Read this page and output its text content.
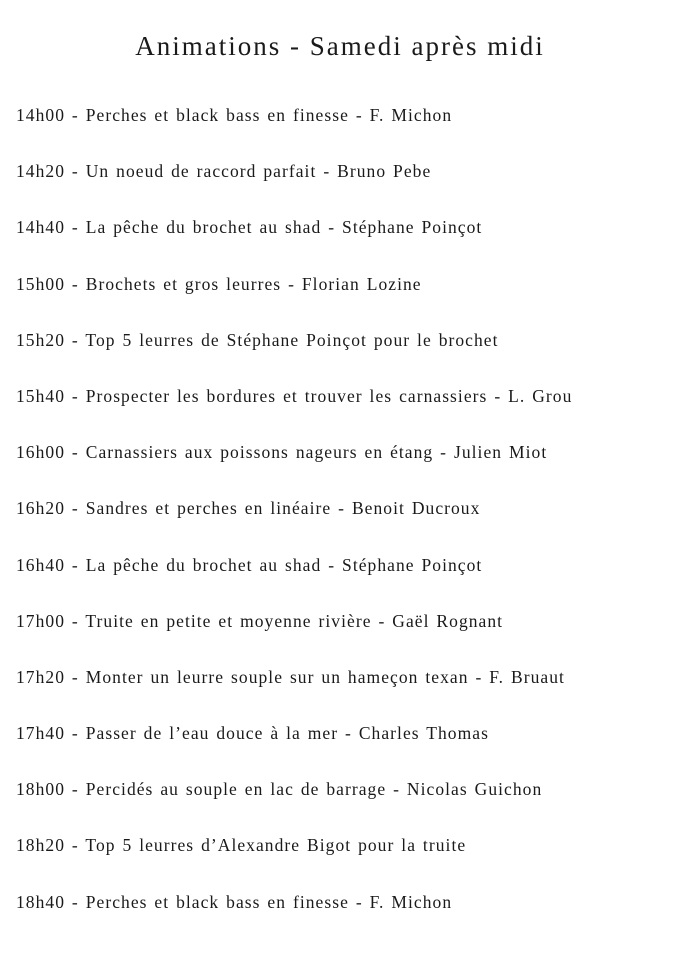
Animations - Samedi après midi
14h00 - Perches et black bass en finesse - F. Michon
14h20 - Un noeud de raccord parfait - Bruno Pebe
14h40 - La pêche du brochet au shad - Stéphane Poinçot
15h00 - Brochets et gros leurres - Florian Lozine
15h20 - Top 5 leurres de Stéphane Poinçot pour le brochet
15h40 - Prospecter les bordures et trouver les carnassiers - L. Grou
16h00 - Carnassiers aux poissons nageurs en étang - Julien Miot
16h20 - Sandres et perches en linéaire - Benoit Ducroux
16h40 - La pêche du brochet au shad - Stéphane Poinçot
17h00 - Truite en petite et moyenne rivière - Gaël Rognant
17h20 - Monter un leurre souple sur un hameçon texan - F. Bruaut
17h40 - Passer de l’eau douce à la mer - Charles Thomas
18h00 - Percidés au souple en lac de barrage - Nicolas Guichon
18h20 - Top 5 leurres d’Alexandre Bigot pour la truite
18h40 - Perches et black bass en finesse - F. Michon
